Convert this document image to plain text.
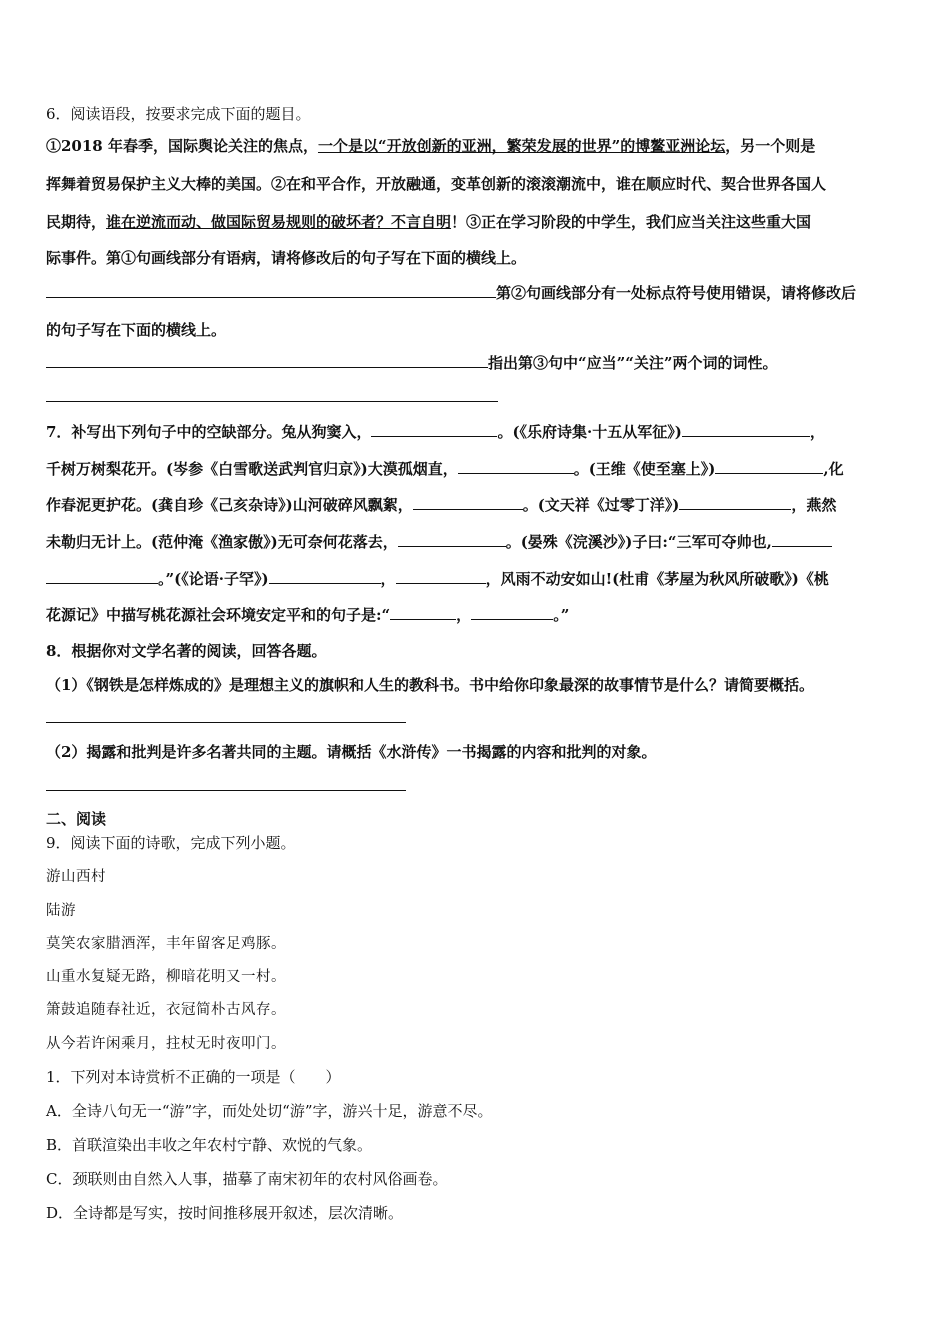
6．阅读语段，按要求完成下面的题目。
①2018 年春季，国际舆论关注的焦点，一个是以“开放创新的亚洲，繁荣发展的世界”的博鳌亚洲论坛，另一个则是
挥舞着贸易保护主义大棒的美国。②在和平合作，开放融通，变革创新的滚滚潮流中，谁在顺应时代、契合世界各国人
民期待，谁在逆流而动、做国际贸易规则的破坏者？不言自明！③正在学习阶段的中学生，我们应当关注这些重大国
际事件。第①句画线部分有语病，请将修改后的句子写在下面的横线上。
第②句画线部分有一处标点符号使用错误，请将修改后
的句子写在下面的横线上。
指出第③句中“应当”“关注”两个词的词性。
7．补写出下列句子中的空缺部分。兔从狗窦入，	。(《乐府诗集·十五从军征》)	，
千树万树梨花开。(岑参《白雪歌送武判官归京》)大漠孤烟直，	。(王维《使至塞上》)	,化
作春泥更护花。(龚自珍《己亥杂诗》)山河破碎风飘絮，	。(文天祥《过零丁洋》)	，燕然
未勒归无计上。(范仲淹《渔家傲》)无可奈何花落去，	。(晏殊《浣溪沙》)子曰:“三军可夺帅也,
。”(《论语·子罕》)	，	，风雨不动安如山!(杜甫《茅屋为秋风所破歌》)《桃
花源记》中描写桃花源社会环境安定平和的句子是:“	，	。”
8．根据你对文学名著的阅读，回答各题。
（1）《钢铁是怎样炼成的》是理想主义的旗帜和人生的教科书。书中给你印象最深的故事情节是什么？请简要概括。
（2）揭露和批判是许多名著共同的主题。请概括《水浒传》一书揭露的内容和批判的对象。
二、阅读
9．阅读下面的诗歌，完成下列小题。
游山西村
陆游
莫笑农家腊酒浑，丰年留客足鸡豚。
山重水复疑无路，柳暗花明又一村。
箫鼓追随春社近，衣冠简朴古风存。
从今若许闲乘月，拄杖无时夜叩门。
1．下列对本诗赏析不正确的一项是（　　）
A．全诗八句无一“游”字，而处处切“游”字，游兴十足，游意不尽。
B．首联渲染出丰收之年农村宁静、欢悦的气象。
C．颈联则由自然入人事，描摹了南宋初年的农村风俗画卷。
D．全诗都是写实，按时间推移展开叙述，层次清晰。
